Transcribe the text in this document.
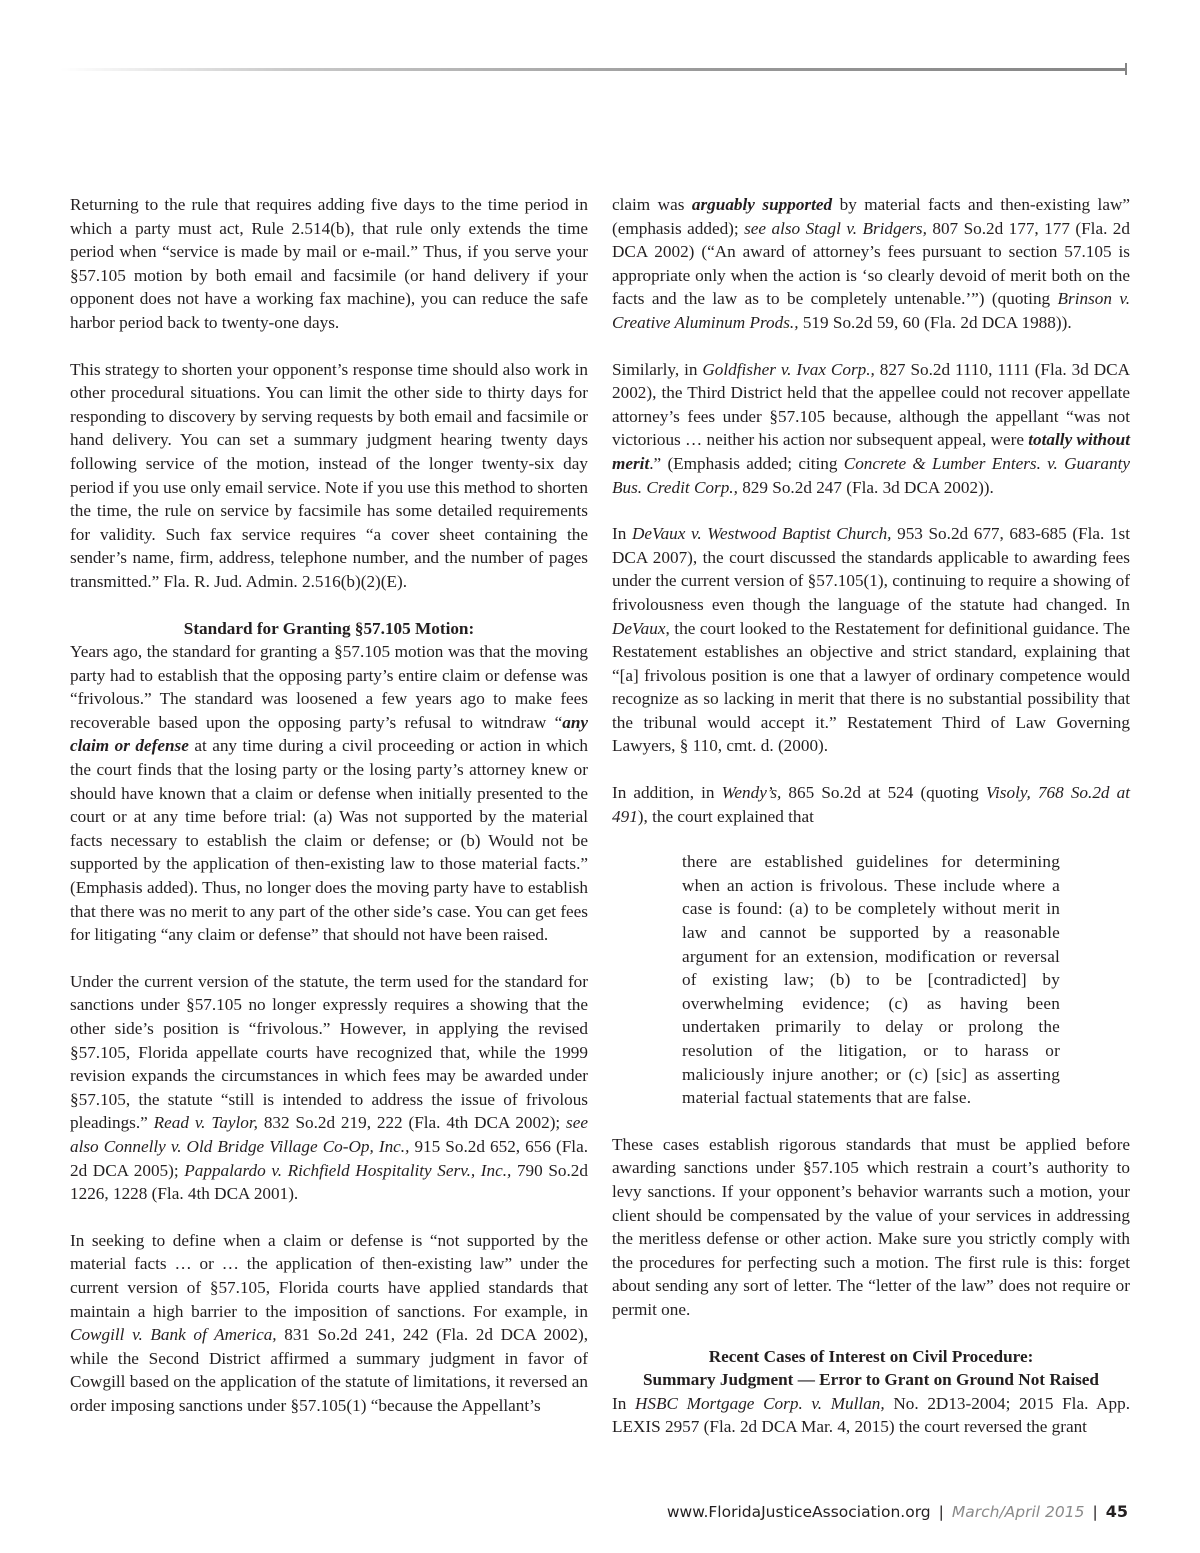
Returning to the rule that requires adding five days to the time period in which a party must act, Rule 2.514(b), that rule only extends the time period when “service is made by mail or e-mail.” Thus, if you serve your §57.105 motion by both email and facsimile (or hand delivery if your opponent does not have a working fax machine), you can reduce the safe harbor period back to twenty-one days.

This strategy to shorten your opponent’s response time should also work in other procedural situations. You can limit the other side to thirty days for responding to discovery by serving requests by both email and facsimile or hand delivery. You can set a summary judgment hearing twenty days following service of the motion, instead of the longer twenty-six day period if you use only email service. Note if you use this method to shorten the time, the rule on service by facsimile has some detailed requirements for validity. Such fax service requires “a cover sheet containing the sender’s name, firm, address, telephone number, and the number of pages transmitted.” Fla. R. Jud. Admin. 2.516(b)(2)(E).

Standard for Granting §57.105 Motion:

Years ago, the standard for granting a §57.105 motion was that the moving party had to establish that the opposing party’s entire claim or defense was “frivolous.” The standard was loosened a few years ago to make fees recoverable based upon the opposing party’s refusal to witndraw “any claim or defense at any time during a civil proceeding or action in which the court finds that the losing party or the losing party’s attorney knew or should have known that a claim or defense when initially presented to the court or at any time before trial: (a) Was not supported by the material facts necessary to establish the claim or defense; or (b) Would not be supported by the application of then-existing law to those material facts.” (Emphasis added). Thus, no longer does the moving party have to establish that there was no merit to any part of the other side’s case. You can get fees for litigating “any claim or defense” that should not have been raised.

Under the current version of the statute, the term used for the standard for sanctions under §57.105 no longer expressly requires a showing that the other side’s position is “frivolous.” However, in applying the revised §57.105, Florida appellate courts have recognized that, while the 1999 revision expands the circumstances in which fees may be awarded under §57.105, the statute “still is intended to address the issue of frivolous pleadings.” Read v. Taylor, 832 So.2d 219, 222 (Fla. 4th DCA 2002); see also Connelly v. Old Bridge Village Co-Op, Inc., 915 So.2d 652, 656 (Fla. 2d DCA 2005); Pappalardo v. Richfield Hospitality Serv., Inc., 790 So.2d 1226, 1228 (Fla. 4th DCA 2001).

In seeking to define when a claim or defense is “not supported by the material facts … or … the application of then-existing law” under the current version of §57.105, Florida courts have applied standards that maintain a high barrier to the imposition of sanctions. For example, in Cowgill v. Bank of America, 831 So.2d 241, 242 (Fla. 2d DCA 2002), while the Second District affirmed a summary judgment in favor of Cowgill based on the application of the statute of limitations, it reversed an order imposing sanctions under §57.105(1) “because the Appellant’s

claim was arguably supported by material facts and then-existing law” (emphasis added); see also Stagl v. Bridgers, 807 So.2d 177, 177 (Fla. 2d DCA 2002) (“An award of attorney’s fees pursuant to section 57.105 is appropriate only when the action is ‘so clearly devoid of merit both on the facts and the law as to be completely untenable.’”) (quoting Brinson v. Creative Aluminum Prods., 519 So.2d 59, 60 (Fla. 2d DCA 1988)).

Similarly, in Goldfisher v. Ivax Corp., 827 So.2d 1110, 1111 (Fla. 3d DCA 2002), the Third District held that the appellee could not recover appellate attorney’s fees under §57.105 because, although the appellant “was not victorious … neither his action nor subsequent appeal, were totally without merit.” (Emphasis added; citing Concrete & Lumber Enters. v. Guaranty Bus. Credit Corp., 829 So.2d 247 (Fla. 3d DCA 2002)).

In DeVaux v. Westwood Baptist Church, 953 So.2d 677, 683-685 (Fla. 1st DCA 2007), the court discussed the standards applicable to awarding fees under the current version of §57.105(1), continuing to require a showing of frivolousness even though the language of the statute had changed. In DeVaux, the court looked to the Restatement for definitional guidance. The Restatement establishes an objective and strict standard, explaining that “[a] frivolous position is one that a lawyer of ordinary competence would recognize as so lacking in merit that there is no substantial possibility that the tribunal would accept it.” Restatement Third of Law Governing Lawyers, § 110, cmt. d. (2000).

In addition, in Wendy’s, 865 So.2d at 524 (quoting Visoly, 768 So.2d at 491), the court explained that

there are established guidelines for determining when an action is frivolous. These include where a case is found: (a) to be completely without merit in law and cannot be supported by a reasonable argument for an extension, modification or reversal of existing law; (b) to be [contradicted] by overwhelming evidence; (c) as having been undertaken primarily to delay or prolong the resolution of the litigation, or to harass or maliciously injure another; or (c) [sic] as asserting material factual statements that are false.

These cases establish rigorous standards that must be applied before awarding sanctions under §57.105 which restrain a court’s authority to levy sanctions. If your opponent’s behavior warrants such a motion, your client should be compensated by the value of your services in addressing the meritless defense or other action. Make sure you strictly comply with the procedures for perfecting such a motion. The first rule is this: forget about sending any sort of letter. The “letter of the law” does not require or permit one.

Recent Cases of Interest on Civil Procedure:
Summary Judgment — Error to Grant on Ground Not Raised

In HSBC Mortgage Corp. v. Mullan, No. 2D13-2004; 2015 Fla. App. LEXIS 2957 (Fla. 2d DCA Mar. 4, 2015) the court reversed the grant

www.FloridaJusticeAssociation.org | March/April 2015 | 45
